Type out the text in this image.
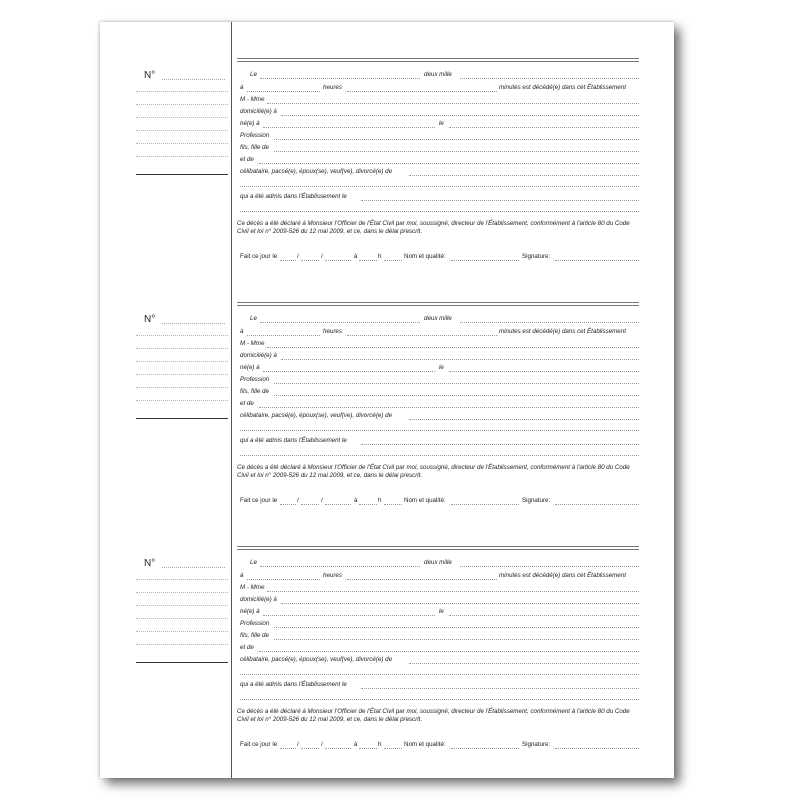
N°	Le	deux mille
à	heures	minutes est décédé(e) dans cet Établissement
M - Mme
domicilié(e) à
né(e) à	le
Profession
fils, fille de
et de
célibataire, pacsé(e), époux(se), veuf(ve), divorcé(e) de
qui a été admis dans l'Établissement le
Ce décès a été déclaré à Monsieur l'Officier de l'État Civil par moi, soussigné, directeur de l'Établissement, conformément à l'article 80 du Code Civil et loi n° 2009-526 du 12 mai 2009, et ce, dans le délai prescrit.
Fait ce jour le	/	/	à	h	Nom et qualité:	Signature:
N°	Le	deux mille
à	heures	minutes est décédé(e) dans cet Établissement
M - Mme
domicilié(e) à
né(e) à	le
Profession
fils, fille de
et de
célibataire, pacsé(e), époux(se), veuf(ve), divorcé(e) de
qui a été admis dans l'Établissement le
Ce décès a été déclaré à Monsieur l'Officier de l'État Civil par moi, soussigné, directeur de l'Établissement, conformément à l'article 80 du Code Civil et loi n° 2009-526 du 12 mai 2009, et ce, dans le délai prescrit.
Fait ce jour le	/	/	à	h	Nom et qualité:	Signature:
N°	Le	deux mille
à	heures	minutes est décédé(e) dans cet Établissement
M - Mme
domicilié(e) à
né(e) à	le
Profession
fils, fille de
et de
célibataire, pacsé(e), époux(se), veuf(ve), divorcé(e) de
qui a été admis dans l'Établissement le
Ce décès a été déclaré à Monsieur l'Officier de l'État Civil par moi, soussigné, directeur de l'Établissement, conformément à l'article 80 du Code Civil et loi n° 2009-526 du 12 mai 2009, et ce, dans le délai prescrit.
Fait ce jour le	/	/	à	h	Nom et qualité:	Signature:
